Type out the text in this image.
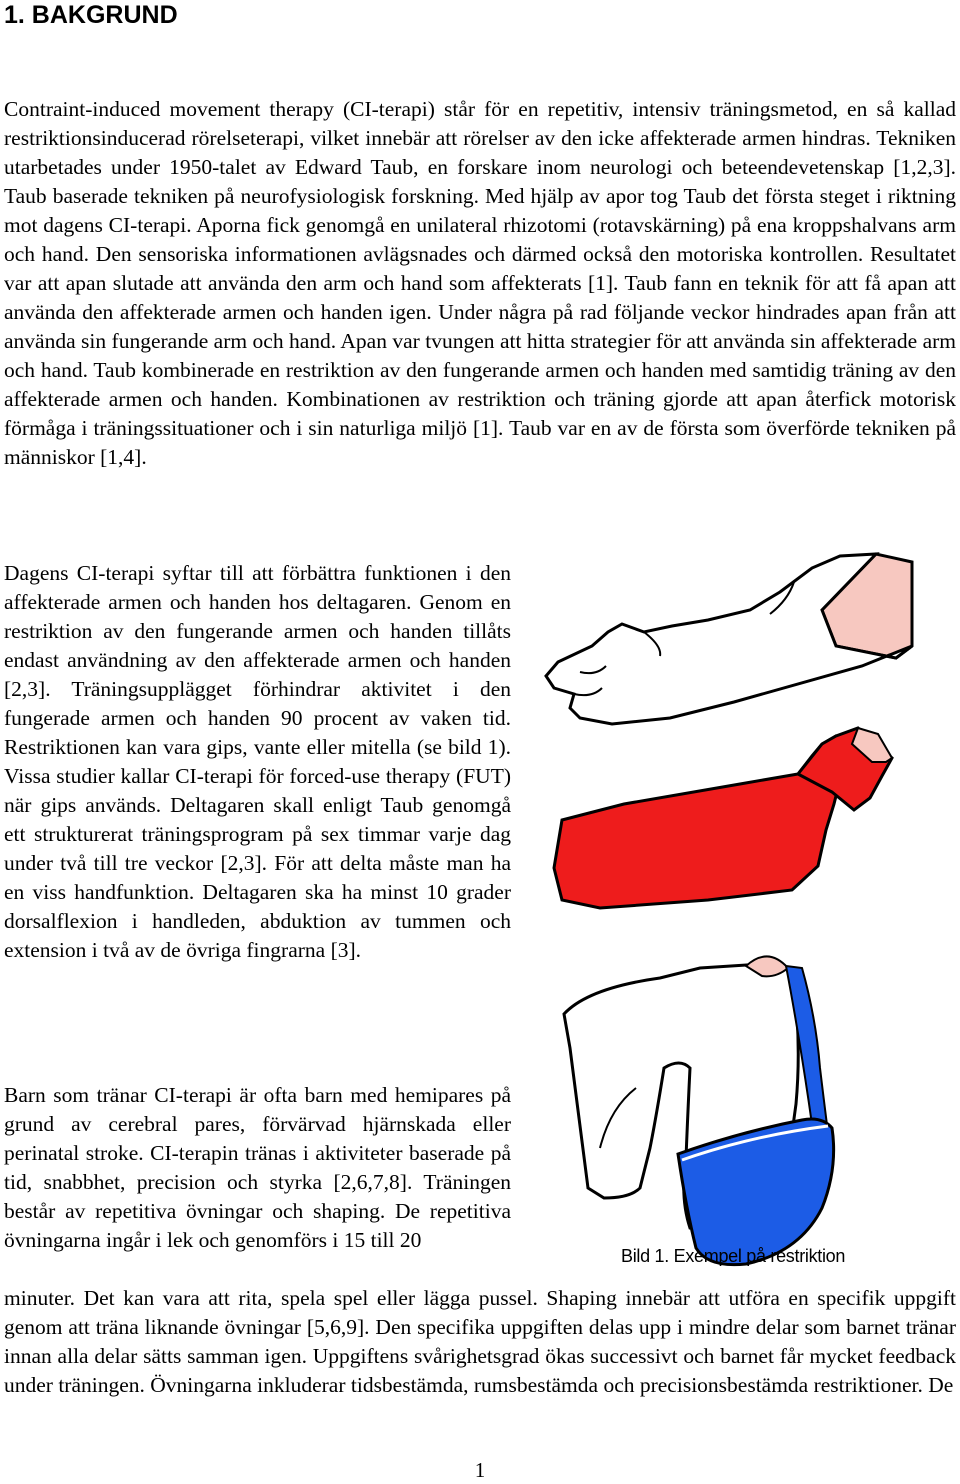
1. BAKGRUND

Contraint-induced movement therapy (CI-terapi) står för en repetitiv, intensiv träningsmetod, en så kallad restriktionsinducerad rörelseterapi, vilket innebär att rörelser av den icke affekterade armen hindras. Tekniken utarbetades under 1950-talet av Edward Taub, en forskare inom neurologi och beteendevetenskap [1,2,3]. Taub baserade tekniken på neurofysiologisk forskning. Med hjälp av apor tog Taub det första steget i riktning mot dagens CI-terapi. Aporna fick genomgå en unilateral rhizotomi (rotavskärning) på ena kroppshalvans arm och hand. Den sensoriska informationen avlägsnades och därmed också den motoriska kontrollen. Resultatet var att apan slutade att använda den arm och hand som affekterats [1]. Taub fann en teknik för att få apan att använda den affekterade armen och handen igen. Under några på rad följande veckor hindrades apan från att använda sin fungerande arm och hand. Apan var tvungen att hitta strategier för att använda sin affekterade arm och hand. Taub kombinerade en restriktion av den fungerande armen och handen med samtidig träning av den affekterade armen och handen. Kombinationen av restriktion och träning gjorde att apan återfick motorisk förmåga i träningssituationer och i sin naturliga miljö [1]. Taub var en av de första som överförde tekniken på människor [1,4].

Dagens CI-terapi syftar till att förbättra funktionen i den affekterade armen och handen hos deltagaren. Genom en restriktion av den fungerande armen och handen tillåts endast användning av den affekterade armen och handen [2,3]. Träningsupplägget förhindrar aktivitet i den fungerade armen och handen 90 procent av vaken tid. Restriktionen kan vara gips, vante eller mitella (se bild 1). Vissa studier kallar CI-terapi för forced-use therapy (FUT) när gips används. Deltagaren skall enligt Taub genomgå ett strukturerat träningsprogram på sex timmar varje dag under två till tre veckor [2,3]. För att delta måste man ha en viss handfunktion. Deltagaren ska ha minst 10 grader dorsalflexion i handleden, abduktion av tummen och extension i två av de övriga fingrarna [3].

Barn som tränar CI-terapi är ofta barn med hemipares på grund av cerebral pares, förvärvad hjärnskada eller perinatal stroke. CI-terapin tränas i aktiviteter baserade på tid, snabbhet, precision och styrka [2,6,7,8]. Träningen består av repetitiva övningar och shaping. De repetitiva övningarna ingår i lek och genomförs i 15 till 20

minuter. Det kan vara att rita, spela spel eller lägga pussel. Shaping innebär att utföra en specifik uppgift genom att träna liknande övningar [5,6,9]. Den specifika uppgiften delas upp i mindre delar som barnet tränar innan alla delar sätts samman igen. Uppgiftens svårighetsgrad ökas successivt och barnet får mycket feedback under träningen. Övningarna inkluderar tidsbestämda, rumsbestämda och precisionsbestämda restriktioner. De

Bild 1. Exempel på restriktion
1
